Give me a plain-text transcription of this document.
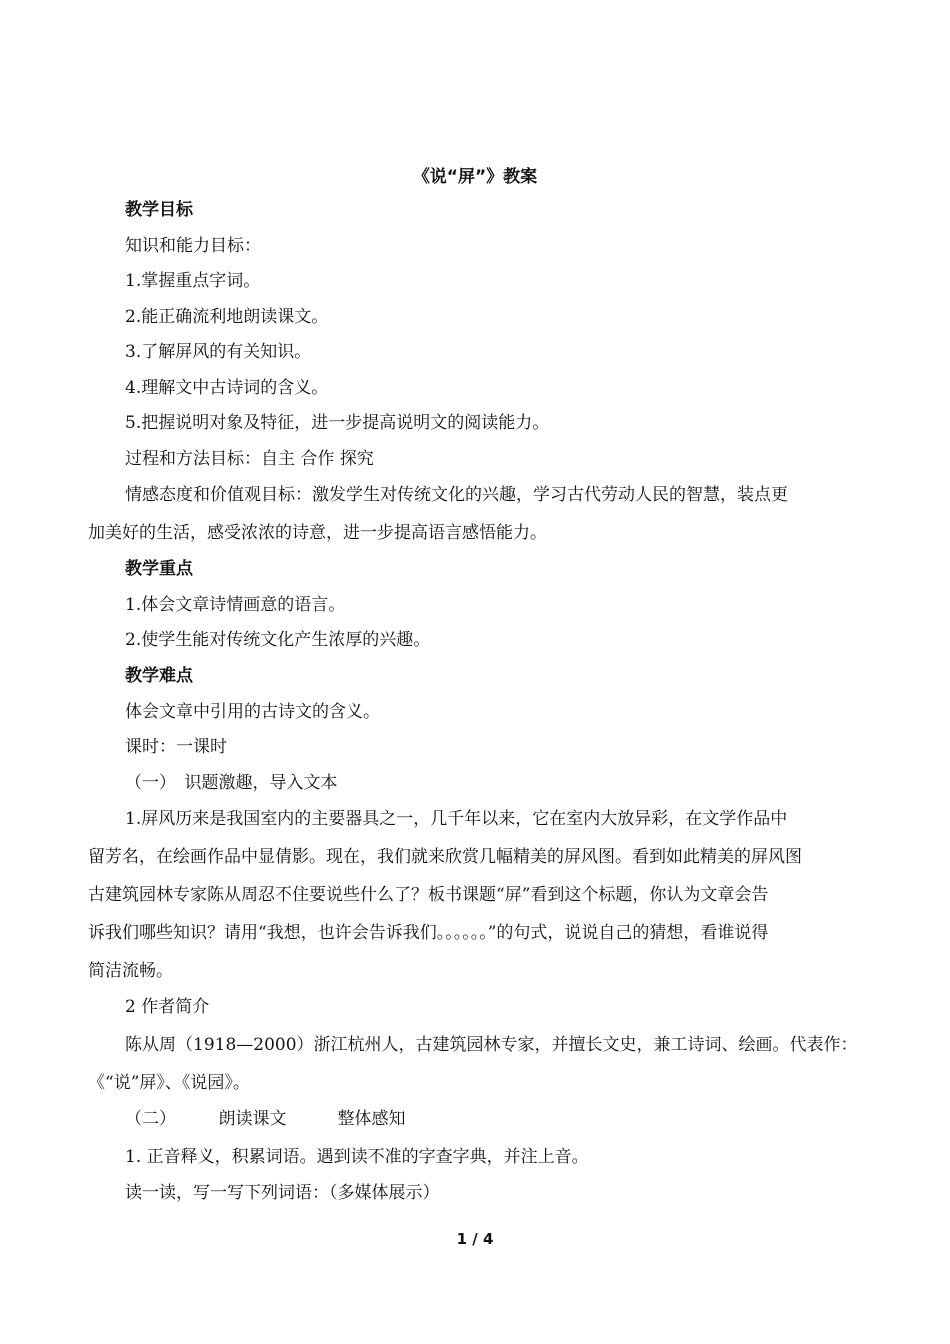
《说“屏”》教案
教学目标
知识和能力目标：
1.掌握重点字词。
2.能正确流利地朗读课文。
3.了解屏风的有关知识。
4.理解文中古诗词的含义。
5.把握说明对象及特征，进一步提高说明文的阅读能力。
过程和方法目标：自主 合作 探究
情感态度和价值观目标：激发学生对传统文化的兴趣，学习古代劳动人民的智慧，装点更
加美好的生活，感受浓浓的诗意，进一步提高语言感悟能力。
教学重点
1.体会文章诗情画意的语言。
2.使学生能对传统文化产生浓厚的兴趣。
教学难点
体会文章中引用的古诗文的含义。
课时：一课时
（一）　识题激趣，导入文本
1.屏风历来是我国室内的主要器具之一，几千年以来，它在室内大放异彩，在文学作品中
留芳名，在绘画作品中显倩影。现在，我们就来欣赏几幅精美的屏风图。看到如此精美的屏风图
古建筑园林专家陈从周忍不住要说些什么了？板书课题“屏”看到这个标题，你认为文章会告
诉我们哪些知识？请用“我想，也许会告诉我们。。。。。。”的句式，说说自己的猜想，看谁说得
简洁流畅。
2 作者简介
陈从周（1918—2000）浙江杭州人，古建筑园林专家，并擅长文史，兼工诗词、绘画。代表作：
《“说”屏》、《说园》。
（二）　　　朗读课文　　　整体感知
1. 正音释义，积累词语。遇到读不准的字查字典，并注上音。
读一读，写一写下列词语：（多媒体展示）
1 / 4
